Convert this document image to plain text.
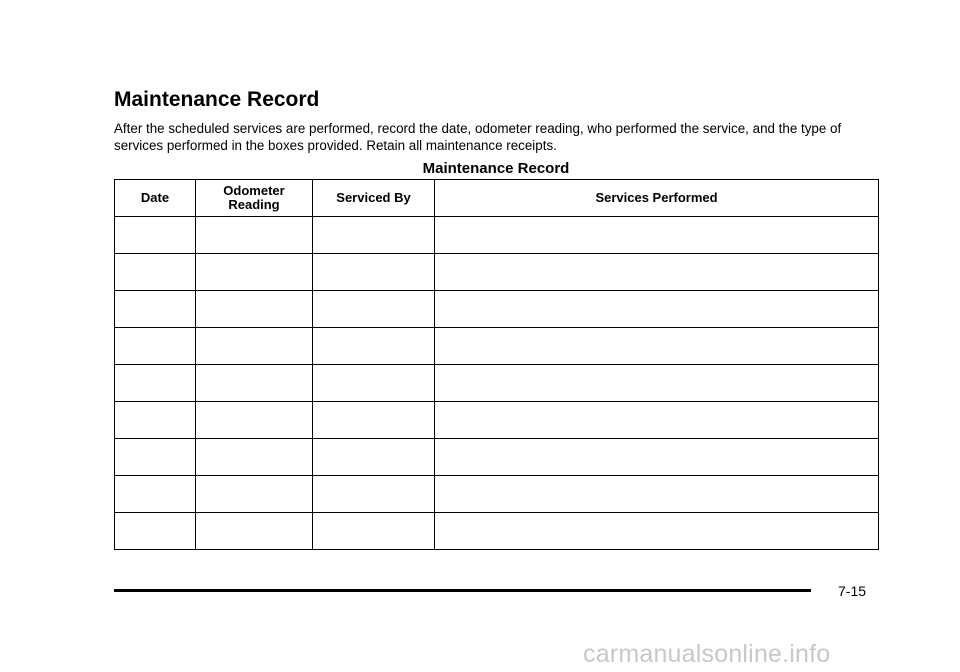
Maintenance Record

After the scheduled services are performed, record the date, odometer reading, who performed the service, and the type of services performed in the boxes provided. Retain all maintenance receipts.

Maintenance Record
Date	Odometer Reading	Serviced By	Services Performed

7-15
carmanualsonline.info
